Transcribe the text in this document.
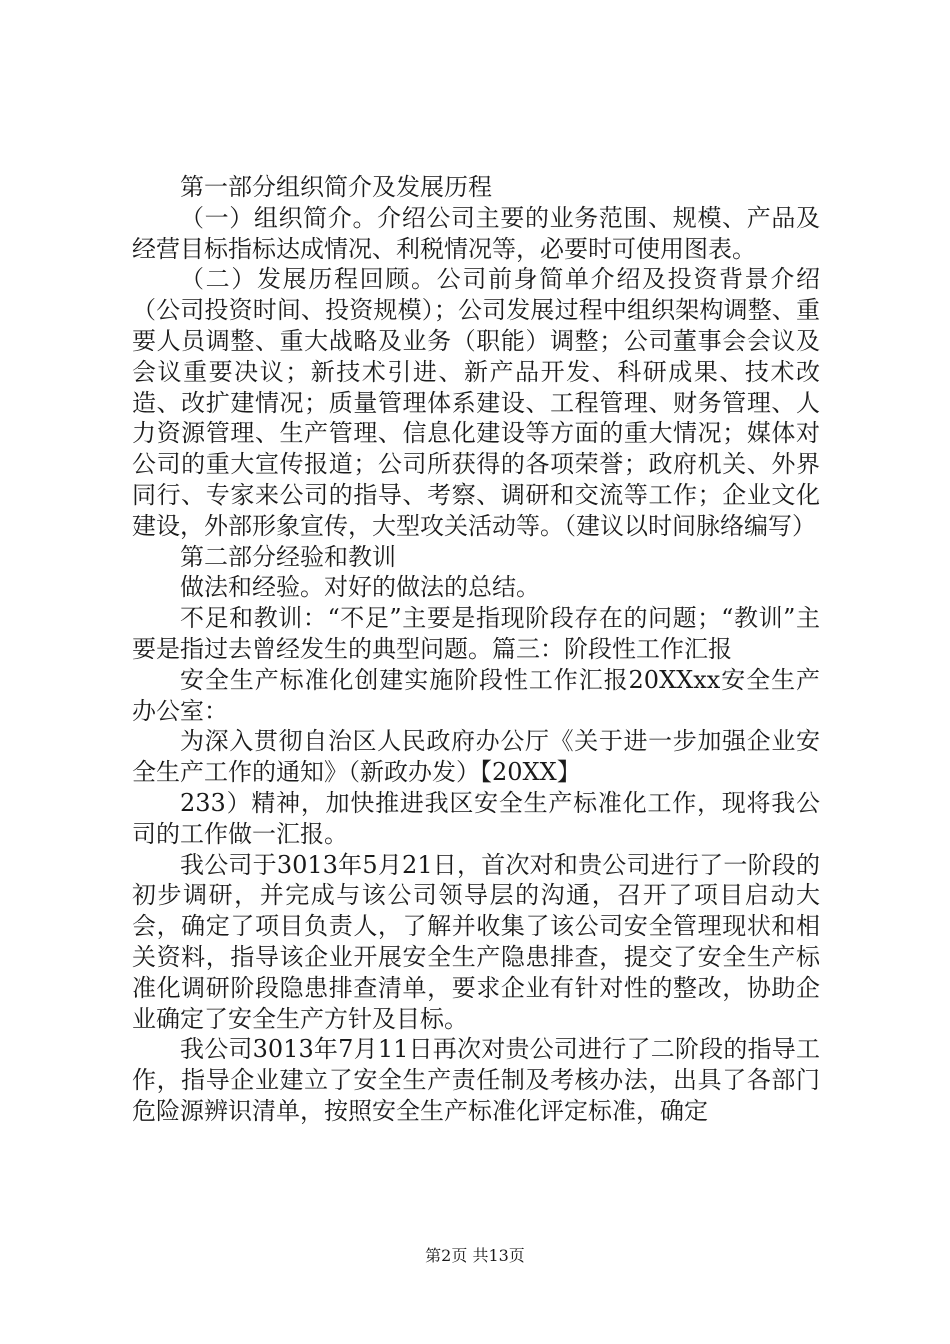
第一部分组织简介及发展历程

（一）组织简介。介绍公司主要的业务范围、规模、产品及经营目标指标达成情况、利税情况等，必要时可使用图表。

（二）发展历程回顾。公司前身简单介绍及投资背景介绍（公司投资时间、投资规模）；公司发展过程中组织架构调整、重要人员调整、重大战略及业务（职能）调整；公司董事会会议及会议重要决议；新技术引进、新产品开发、科研成果、技术改造、改扩建情况；质量管理体系建设、工程管理、财务管理、人力资源管理、生产管理、信息化建设等方面的重大情况；媒体对公司的重大宣传报道；公司所获得的各项荣誉；政府机关、外界同行、专家来公司的指导、考察、调研和交流等工作；企业文化建设，外部形象宣传，大型攻关活动等。（建议以时间脉络编写）

第二部分经验和教训

做法和经验。对好的做法的总结。

不足和教训：“不足”主要是指现阶段存在的问题；“教训”主要是指过去曾经发生的典型问题。篇三：阶段性工作汇报

安全生产标准化创建实施阶段性工作汇报20XXxx安全生产办公室：

为深入贯彻自治区人民政府办公厅《关于进一步加强企业安全生产工作的通知》（新政办发）【20XX】

233）精神，加快推进我区安全生产标准化工作，现将我公司的工作做一汇报。

我公司于3013年5月21日，首次对和贵公司进行了一阶段的初步调研，并完成与该公司领导层的沟通，召开了项目启动大会，确定了项目负责人，了解并收集了该公司安全管理现状和相关资料，指导该企业开展安全生产隐患排查，提交了安全生产标准化调研阶段隐患排查清单，要求企业有针对性的整改，协助企业确定了安全生产方针及目标。

我公司3013年7月11日再次对贵公司进行了二阶段的指导工作，指导企业建立了安全生产责任制及考核办法，出具了各部门危险源辨识清单，按照安全生产标准化评定标准，确定

第2页 共13页
